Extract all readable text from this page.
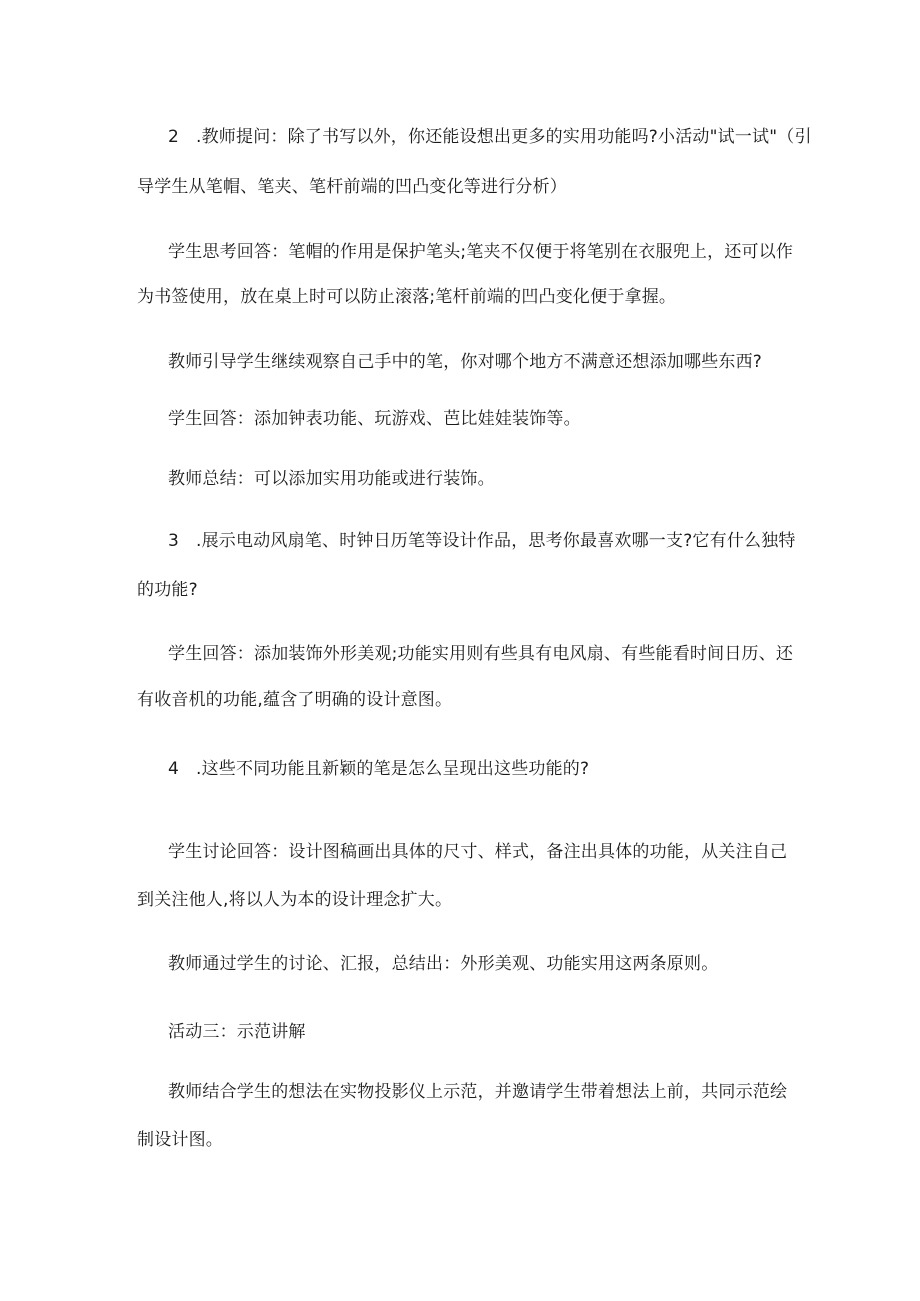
2 .教师提问：除了书写以外，你还能设想出更多的实用功能吗?小活动"试一试"（引
导学生从笔帽、笔夹、笔杆前端的凹凸变化等进行分析）
学生思考回答：笔帽的作用是保护笔头;笔夹不仅便于将笔别在衣服兜上，还可以作
为书签使用，放在桌上时可以防止滚落;笔杆前端的凹凸变化便于拿握。
教师引导学生继续观察自己手中的笔，你对哪个地方不满意还想添加哪些东西?
学生回答：添加钟表功能、玩游戏、芭比娃娃装饰等。
教师总结：可以添加实用功能或进行装饰。
3 .展示电动风扇笔、时钟日历笔等设计作品，思考你最喜欢哪一支?它有什么独特
的功能?
学生回答：添加装饰外形美观;功能实用则有些具有电风扇、有些能看时间日历、还
有收音机的功能,蕴含了明确的设计意图。
4 .这些不同功能且新颖的笔是怎么呈现出这些功能的?
学生讨论回答：设计图稿画出具体的尺寸、样式，备注出具体的功能，从关注自己
到关注他人,将以人为本的设计理念扩大。
教师通过学生的讨论、汇报，总结出：外形美观、功能实用这两条原则。
活动三：示范讲解
教师结合学生的想法在实物投影仪上示范，并邀请学生带着想法上前，共同示范绘
制设计图。
